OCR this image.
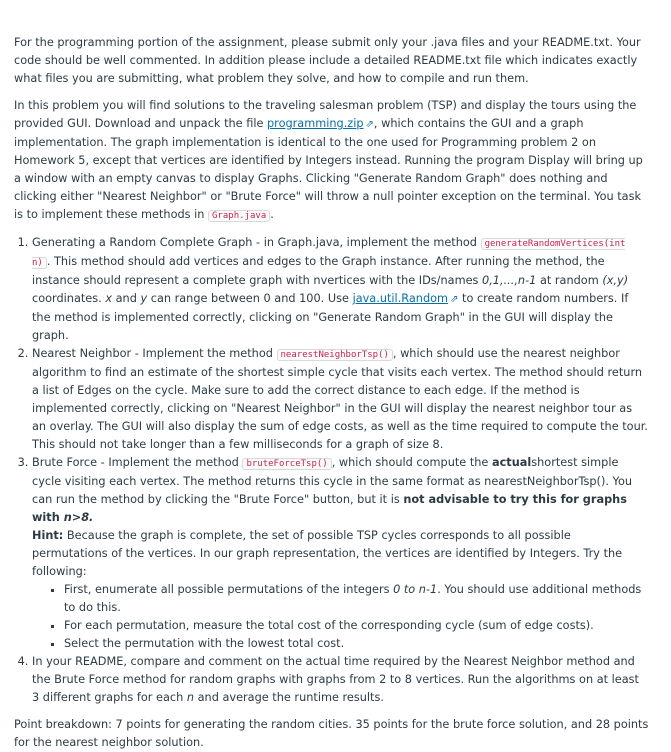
For the programming portion of the assignment, please submit only your .java files and your README.txt. Your code should be well commented. In addition please include a detailed README.txt file which indicates exactly what files you are submitting, what problem they solve, and how to compile and run them.

In this problem you will find solutions to the traveling salesman problem (TSP) and display the tours using the provided GUI. Download and unpack the file programming.zip ⇗, which contains the GUI and a graph implementation. The graph implementation is identical to the one used for Programming problem 2 on Homework 5, except that vertices are identified by Integers instead. Running the program Display will bring up a window with an empty canvas to display Graphs. Clicking "Generate Random Graph" does nothing and clicking either "Nearest Neighbor" or "Brute Force" will throw a null pointer exception on the terminal. You task is to implement these methods in Graph.java .

1. Generating a Random Complete Graph - in Graph.java, implement the method generateRandomVertices(int n) . This method should add vertices and edges to the Graph instance. After running the method, the instance should represent a complete graph with nvertices with the IDs/names 0,1,...,n-1 at random (x,y) coordinates. x and y can range between 0 and 100. Use java.util.Random ⇗ to create random numbers. If the method is implemented correctly, clicking on "Generate Random Graph" in the GUI will display the graph.
2. Nearest Neighbor - Implement the method nearestNeighborTsp() , which should use the nearest neighbor algorithm to find an estimate of the shortest simple cycle that visits each vertex. The method should return a list of Edges on the cycle. Make sure to add the correct distance to each edge. If the method is implemented correctly, clicking on "Nearest Neighbor" in the GUI will display the nearest neighbor tour as an overlay. The GUI will also display the sum of edge costs, as well as the time required to compute the tour. This should not take longer than a few milliseconds for a graph of size 8.
3. Brute Force - Implement the method bruteForceTsp() , which should compute the actualshortest simple cycle visiting each vertex. The method returns this cycle in the same format as nearestNeighborTsp(). You can run the method by clicking the "Brute Force" button, but it is not advisable to try this for graphs with n>8.
Hint: Because the graph is complete, the set of possible TSP cycles corresponds to all possible permutations of the vertices. In our graph representation, the vertices are identified by Integers. Try the following:
▪ First, enumerate all possible permutations of the integers 0 to n-1. You should use additional methods to do this.
▪ For each permutation, measure the total cost of the corresponding cycle (sum of edge costs).
▪ Select the permutation with the lowest total cost.
4. In your README, compare and comment on the actual time required by the Nearest Neighbor method and the Brute Force method for random graphs with graphs from 2 to 8 vertices. Run the algorithms on at least 3 different graphs for each n and average the runtime results.

Point breakdown: 7 points for generating the random cities. 35 points for the brute force solution, and 28 points for the nearest neighbor solution.
